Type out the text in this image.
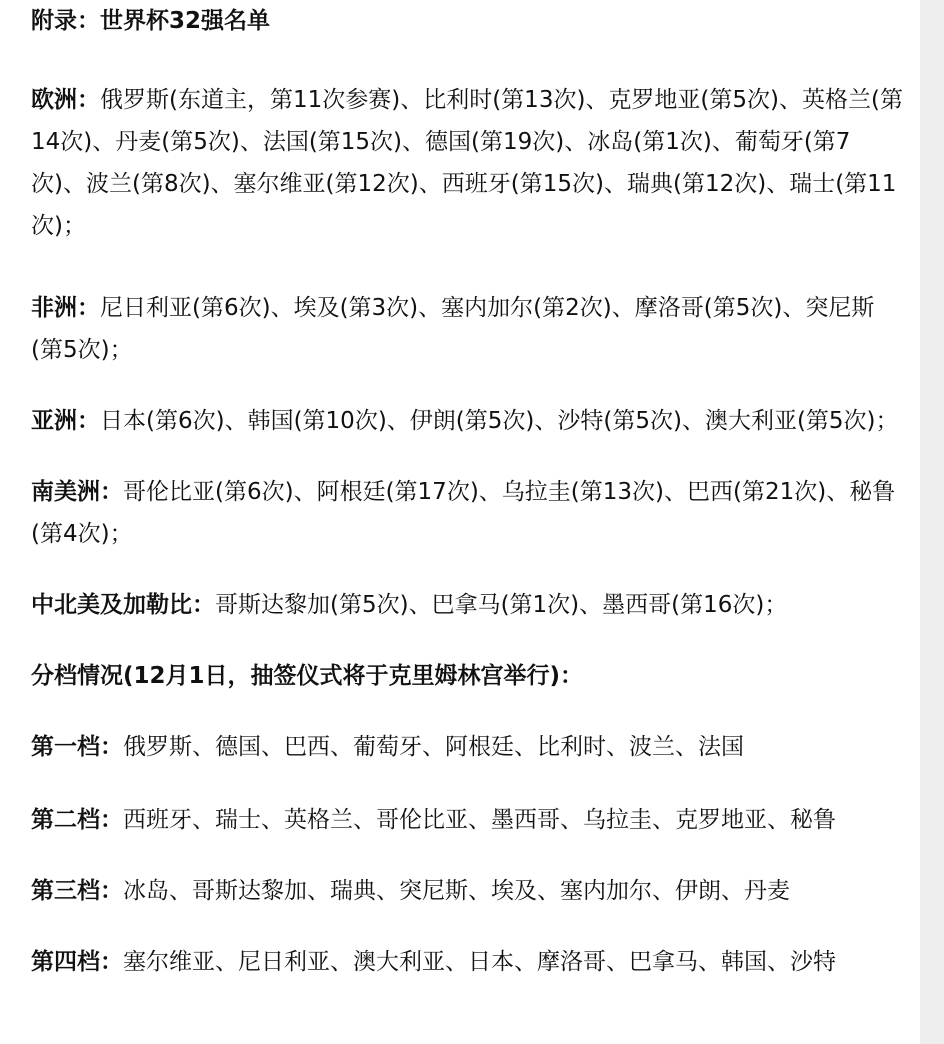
附录：世界杯32强名单

欧洲：俄罗斯(东道主，第11次参赛)、比利时(第13次)、克罗地亚(第5次)、英格兰(第14次)、丹麦(第5次)、法国(第15次)、德国(第19次)、冰岛(第1次)、葡萄牙(第7次)、波兰(第8次)、塞尔维亚(第12次)、西班牙(第15次)、瑞典(第12次)、瑞士(第11次)；

非洲：尼日利亚(第6次)、埃及(第3次)、塞内加尔(第2次)、摩洛哥(第5次)、突尼斯(第5次)；

亚洲：日本(第6次)、韩国(第10次)、伊朗(第5次)、沙特(第5次)、澳大利亚(第5次)；

南美洲：哥伦比亚(第6次)、阿根廷(第17次)、乌拉圭(第13次)、巴西(第21次)、秘鲁(第4次)；

中北美及加勒比：哥斯达黎加(第5次)、巴拿马(第1次)、墨西哥(第16次)；

分档情况(12月1日，抽签仪式将于克里姆林宫举行)：

第一档：俄罗斯、德国、巴西、葡萄牙、阿根廷、比利时、波兰、法国

第二档：西班牙、瑞士、英格兰、哥伦比亚、墨西哥、乌拉圭、克罗地亚、秘鲁

第三档：冰岛、哥斯达黎加、瑞典、突尼斯、埃及、塞内加尔、伊朗、丹麦

第四档：塞尔维亚、尼日利亚、澳大利亚、日本、摩洛哥、巴拿马、韩国、沙特
